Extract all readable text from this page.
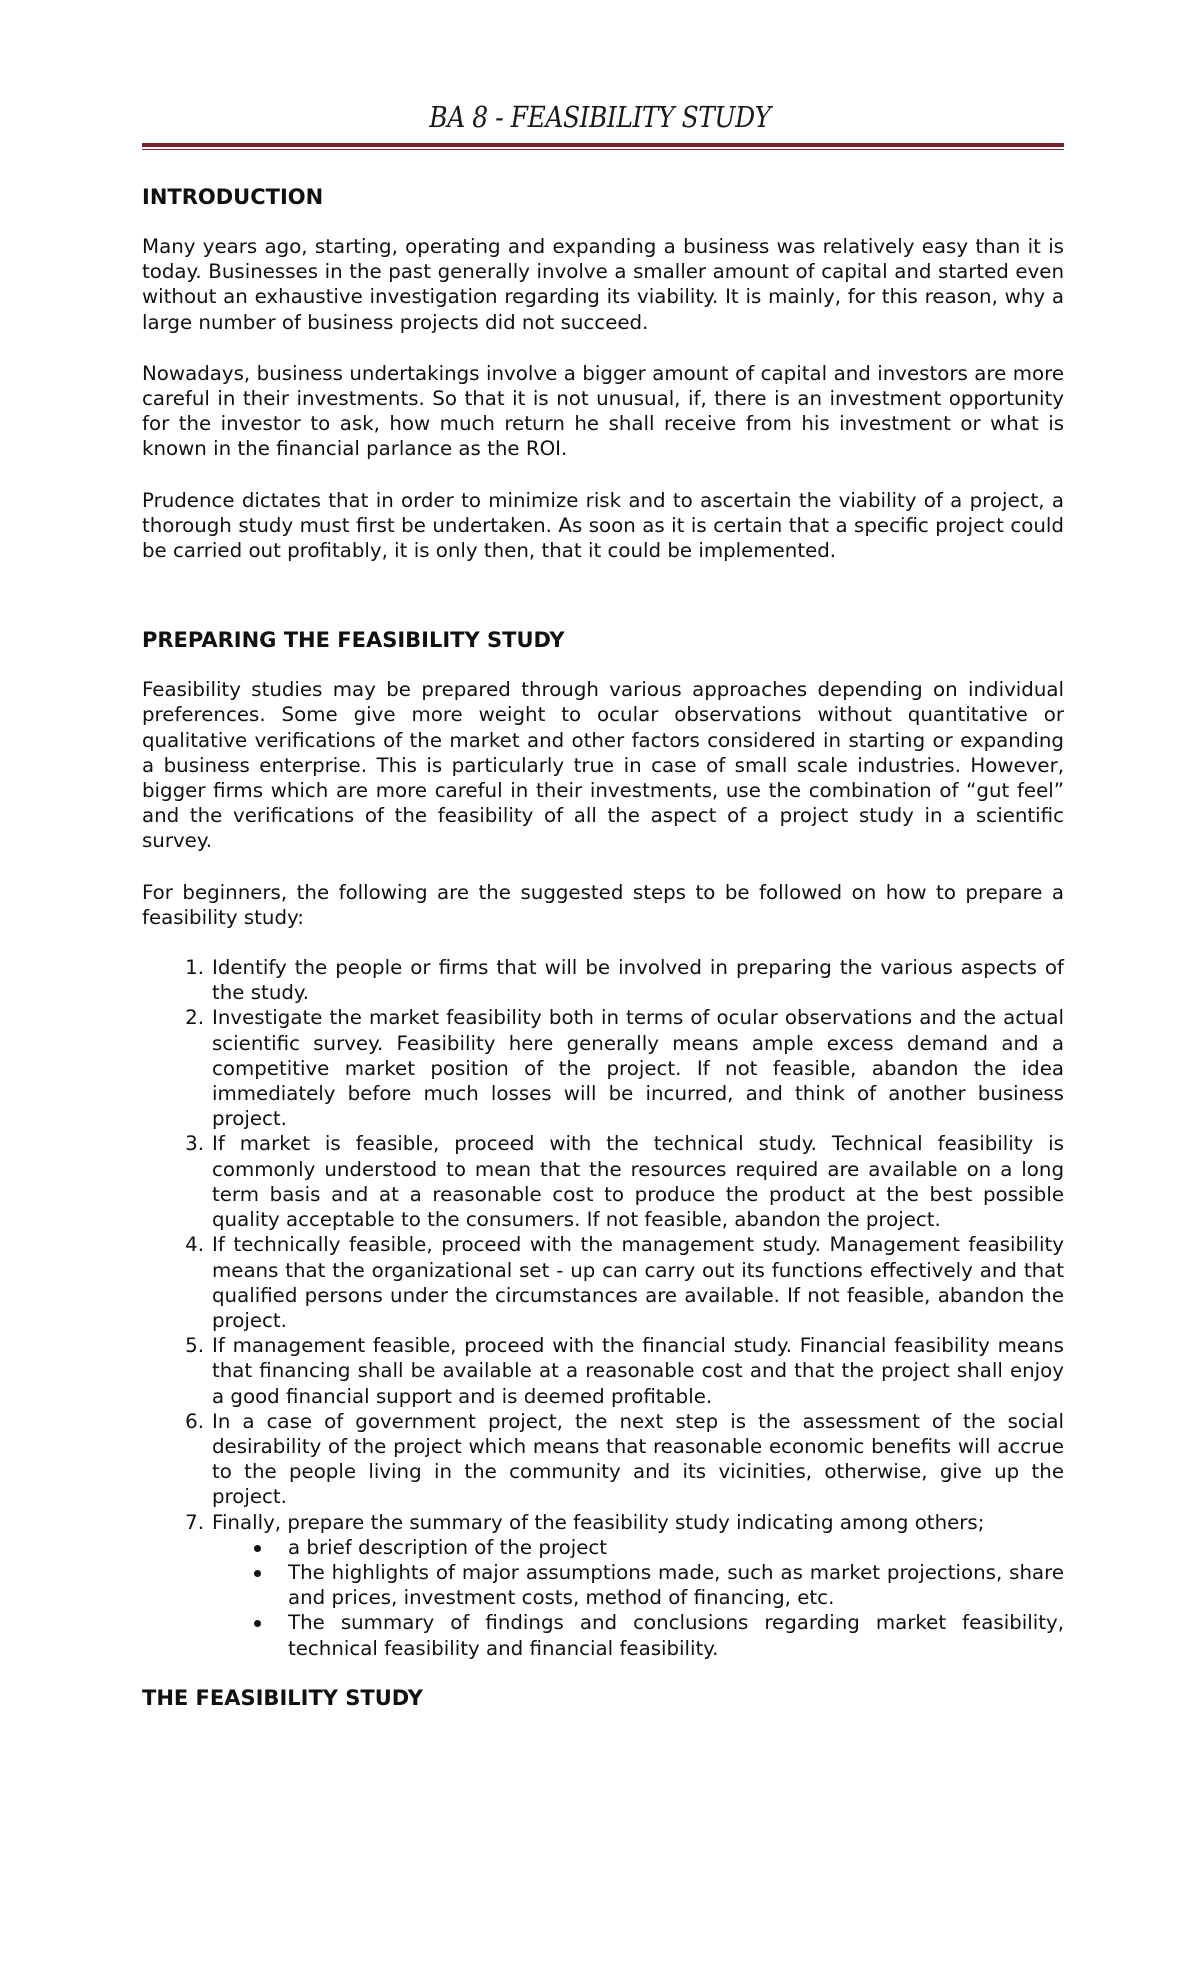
BA 8 - FEASIBILITY STUDY
INTRODUCTION

Many years ago, starting, operating and expanding a business was relatively easy than it is today. Businesses in the past generally involve a smaller amount of capital and started even without an exhaustive investigation regarding its viability. It is mainly, for this reason, why a large number of business projects did not succeed.

Nowadays, business undertakings involve a bigger amount of capital and investors are more careful in their investments. So that it is not unusual, if, there is an investment opportunity for the investor to ask, how much return he shall receive from his investment or what is known in the financial parlance as the ROI.

Prudence dictates that in order to minimize risk and to ascertain the viability of a project, a thorough study must first be undertaken. As soon as it is certain that a specific project could be carried out profitably, it is only then, that it could be implemented.

PREPARING THE FEASIBILITY STUDY

Feasibility studies may be prepared through various approaches depending on individual preferences. Some give more weight to ocular observations without quantitative or qualitative verifications of the market and other factors considered in starting or expanding a business enterprise. This is particularly true in case of small scale industries. However, bigger firms which are more careful in their investments, use the combination of “gut feel” and the verifications of the feasibility of all the aspect of a project study in a scientific survey.

For beginners, the following are the suggested steps to be followed on how to prepare a feasibility study:

1. Identify the people or firms that will be involved in preparing the various aspects of the study.
2. Investigate the market feasibility both in terms of ocular observations and the actual scientific survey. Feasibility here generally means ample excess demand and a competitive market position of the project. If not feasible, abandon the idea immediately before much losses will be incurred, and think of another business project.
3. If market is feasible, proceed with the technical study. Technical feasibility is commonly understood to mean that the resources required are available on a long term basis and at a reasonable cost to produce the product at the best possible quality acceptable to the consumers. If not feasible, abandon the project.
4. If technically feasible, proceed with the management study. Management feasibility means that the organizational set - up can carry out its functions effectively and that qualified persons under the circumstances are available. If not feasible, abandon the project.
5. If management feasible, proceed with the financial study. Financial feasibility means that financing shall be available at a reasonable cost and that the project shall enjoy a good financial support and is deemed profitable.
6. In a case of government project, the next step is the assessment of the social desirability of the project which means that reasonable economic benefits will accrue to the people living in the community and its vicinities, otherwise, give up the project.
7. Finally, prepare the summary of the feasibility study indicating among others;
a brief description of the project
The highlights of major assumptions made, such as market projections, share and prices, investment costs, method of financing, etc.
The summary of findings and conclusions regarding market feasibility, technical feasibility and financial feasibility.
THE FEASIBILITY STUDY
